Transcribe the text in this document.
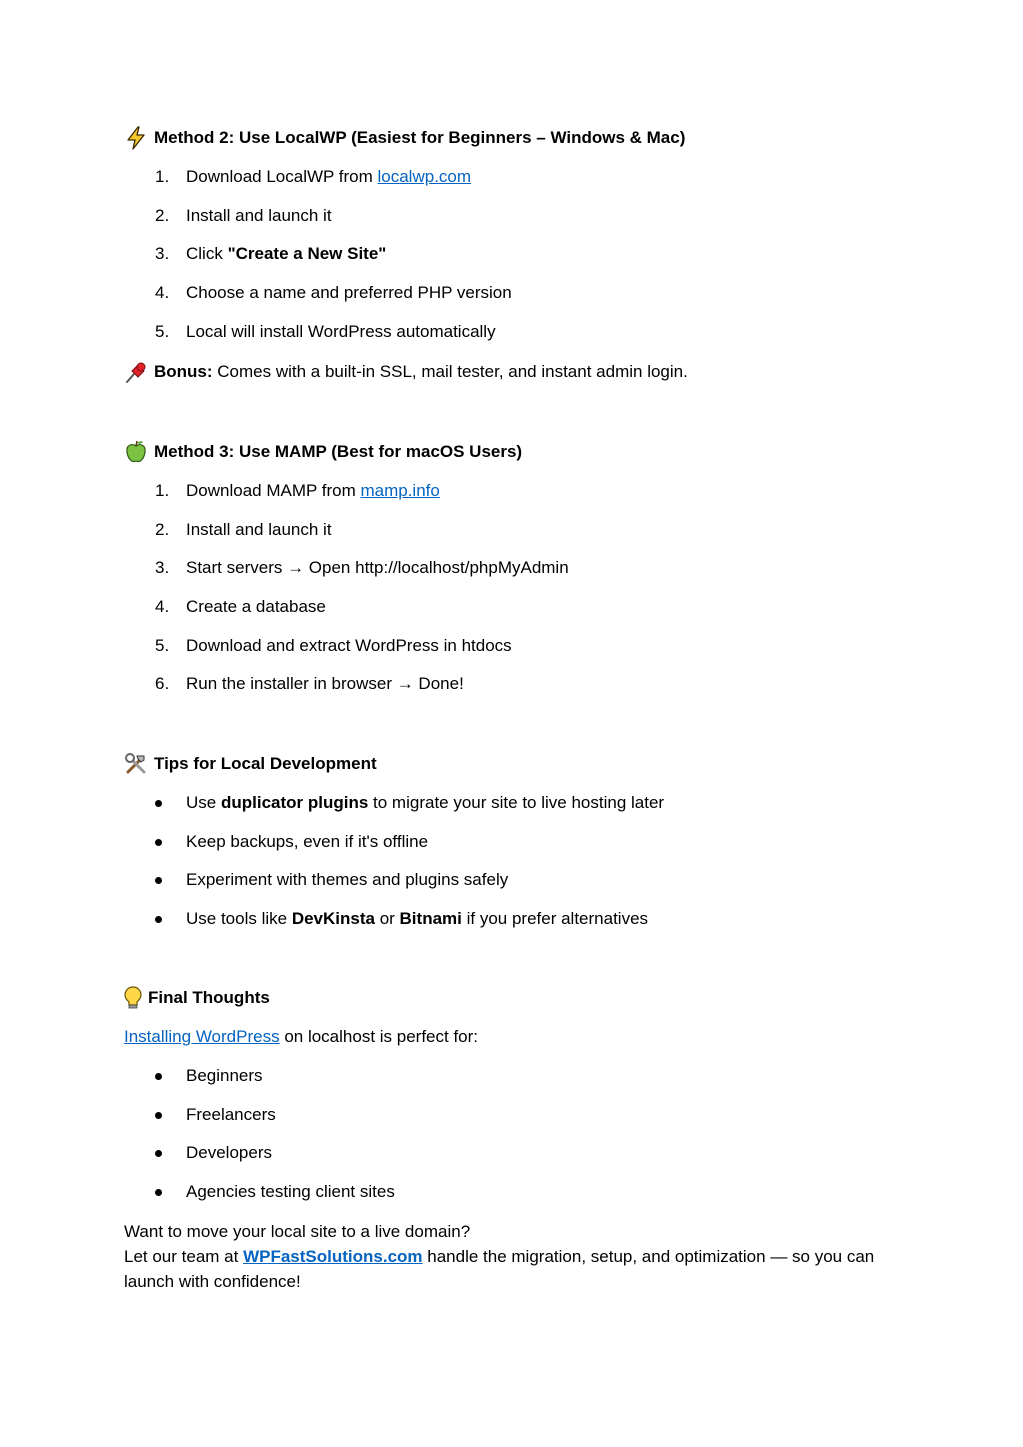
Method 2: Use LocalWP (Easiest for Beginners – Windows & Mac)
1. Download LocalWP from localwp.com
2. Install and launch it
3. Click "Create a New Site"
4. Choose a name and preferred PHP version
5. Local will install WordPress automatically
Bonus: Comes with a built-in SSL, mail tester, and instant admin login.
Method 3: Use MAMP (Best for macOS Users)
1. Download MAMP from mamp.info
2. Install and launch it
3. Start servers → Open http://localhost/phpMyAdmin
4. Create a database
5. Download and extract WordPress in htdocs
6. Run the installer in browser → Done!
Tips for Local Development
Use duplicator plugins to migrate your site to live hosting later
Keep backups, even if it's offline
Experiment with themes and plugins safely
Use tools like DevKinsta or Bitnami if you prefer alternatives
Final Thoughts
Installing WordPress on localhost is perfect for:
Beginners
Freelancers
Developers
Agencies testing client sites
Want to move your local site to a live domain?
Let our team at WPFastSolutions.com handle the migration, setup, and optimization — so you can
launch with confidence!
